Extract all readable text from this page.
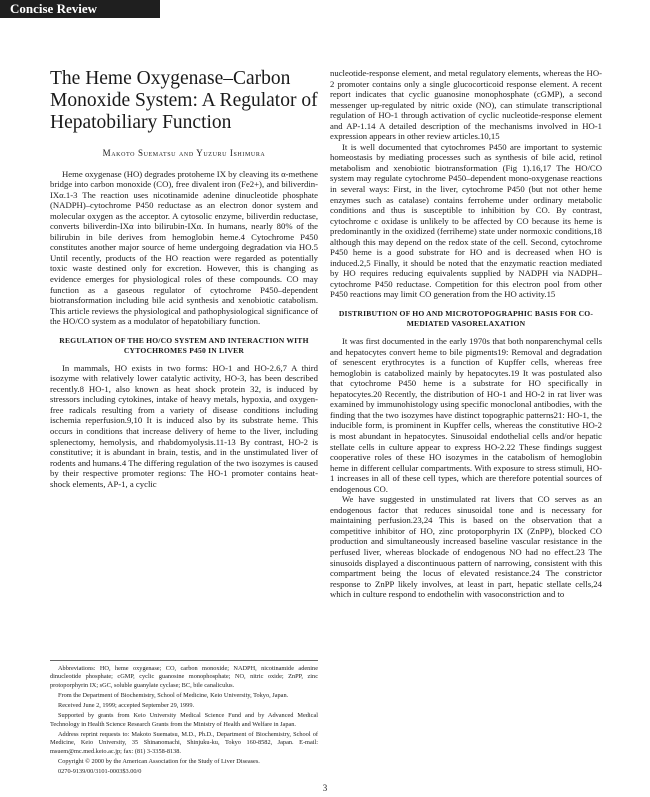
Concise Review
The Heme Oxygenase–Carbon Monoxide System: A Regulator of Hepatobiliary Function
Makoto Suematsu and Yuzuru Ishimura

Heme oxygenase (HO) degrades protoheme IX by cleaving its α-methene bridge into carbon monoxide (CO), free divalent iron (Fe2+), and biliverdin-IXα.1-3 The reaction uses nicotinamide adenine dinucleotide phosphate (NADPH)–cytochrome P450 reductase as an electron donor system and molecular oxygen as the acceptor. A cytosolic enzyme, biliverdin reductase, converts biliverdin-IXα into bilirubin-IXα. In humans, nearly 80% of the bilirubin in bile derives from hemoglobin heme.4 Cytochrome P450 constitutes another major source of heme undergoing degradation via HO.5 Until recently, products of the HO reaction were regarded as potentially toxic waste destined only for excretion. However, this is changing as evidence emerges for physiological roles of these compounds. CO may function as a gaseous regulator of cytochrome P450–dependent biotransformation including bile acid synthesis and xenobiotic catabolism. This article reviews the physiological and pathophysiological significance of the HO/CO system as a modulator of hepatobiliary function.

REGULATION OF THE HO/CO SYSTEM AND INTERACTION WITH CYTOCHROMES P450 IN LIVER

In mammals, HO exists in two forms: HO-1 and HO-2.6,7 A third isozyme with relatively lower catalytic activity, HO-3, has been described recently.8 HO-1, also known as heat shock protein 32, is induced by stressors including cytokines, intake of heavy metals, hypoxia, and oxygen-free radicals resulting from a variety of disease conditions including ischemia reperfusion.9,10 It is induced also by its substrate heme. This occurs in conditions that increase delivery of heme to the liver, including splenectomy, hemolysis, and rhabdomyolysis.11-13 By contrast, HO-2 is constitutive; it is abundant in brain, testis, and in the unstimulated liver of rodents and humans.4 The differing regulation of the two isozymes is caused by their respective promoter regions: The HO-1 promoter contains heat-shock elements, AP-1, a cyclic

nucleotide-response element, and metal regulatory elements, whereas the HO-2 promoter contains only a single glucocorticoid response element. A recent report indicates that cyclic guanosine monophosphate (cGMP), a second messenger up-regulated by nitric oxide (NO), can stimulate transcriptional regulation of HO-1 through activation of cyclic nucleotide-response element and AP-1.14 A detailed description of the mechanisms involved in HO-1 expression appears in other review articles.10,15

It is well documented that cytochromes P450 are important to systemic homeostasis by mediating processes such as synthesis of bile acid, retinol metabolism and xenobiotic biotransformation (Fig 1).16,17 The HO/CO system may regulate cytochrome P450–dependent mono-oxygenase reactions in several ways: First, in the liver, cytochrome P450 (but not other heme enzymes such as catalase) contains ferroheme under ordinary metabolic conditions and thus is susceptible to inhibition by CO. By contrast, cytochrome c oxidase is unlikely to be affected by CO because its heme is predominantly in the oxidized (ferriheme) state under normoxic conditions,18 although this may depend on the redox state of the cell. Second, cytochrome P450 heme is a good substrate for HO and is decreased when HO is induced.2,5 Finally, it should be noted that the enzymatic reaction mediated by HO requires reducing equivalents supplied by NADPH via NADPH–cytochrome P450 reductase. Competition for this electron pool from other P450 reactions may limit CO generation from the HO activity.15

DISTRIBUTION OF HO AND MICROTOPOGRAPHIC BASIS FOR CO-MEDIATED VASORELAXATION

It was first documented in the early 1970s that both nonparenchymal cells and hepatocytes convert heme to bile pigments19: Removal and degradation of senescent erythrocytes is a function of Kupffer cells, whereas free hemoglobin is catabolized mainly by hepatocytes.19 It was postulated also that cytochrome P450 heme is a substrate for HO specifically in hepatocytes.20 Recently, the distribution of HO-1 and HO-2 in rat liver was examined by immunohistology using specific monoclonal antibodies, with the finding that the two isozymes have distinct topographic patterns21: HO-1, the inducible form, is prominent in Kupffer cells, whereas the constitutive HO-2 is most abundant in hepatocytes. Sinusoidal endothelial cells and/or hepatic stellate cells in culture appear to express HO-2.22 These findings suggest cooperative roles of these HO isozymes in the catabolism of hemoglobin heme in different cellular compartments. With exposure to stress stimuli, HO-1 increases in all of these cell types, which are therefore potential sources of endogenous CO.

We have suggested in unstimulated rat livers that CO serves as an endogenous factor that reduces sinusoidal tone and is necessary for maintaining perfusion.23,24 This is based on the observation that a competitive inhibitor of HO, zinc protoporphyrin IX (ZnPP), blocked CO production and simultaneously increased baseline vascular resistance in the perfused liver, whereas blockade of endogenous NO had no effect.23 The sinusoids displayed a discontinuous pattern of narrowing, consistent with this compartment being the locus of elevated resistance.24 The constrictor response to ZnPP likely involves, at least in part, hepatic stellate cells,24 which in culture respond to endothelin with vasoconstriction and to

Abbreviations: HO, heme oxygenase; CO, carbon monoxide; NADPH, nicotinamide adenine dinucleotide phosphate; cGMP, cyclic guanosine monophosphate; NO, nitric oxide; ZnPP, zinc protoporphyrin IX; sGC, soluble guanylate cyclase; BC, bile canaliculus.

From the Department of Biochemistry, School of Medicine, Keio University, Tokyo, Japan.

Received June 2, 1999; accepted September 29, 1999.

Supported by grants from Keio University Medical Science Fund and by Advanced Medical Technology in Health Science Research Grants from the Ministry of Health and Welfare in Japan.

Address reprint requests to: Makoto Suematsu, M.D., Ph.D., Department of Biochemistry, School of Medicine, Keio University, 35 Shinanomachi, Shinjuku-ku, Tokyo 160-8582, Japan. E-mail: msuem@mc.med.keio.ac.jp; fax: (81) 3-3358-8138.

Copyright © 2000 by the American Association for the Study of Liver Diseases.

0270-9139/00/3101-0003$3.00/0

3
